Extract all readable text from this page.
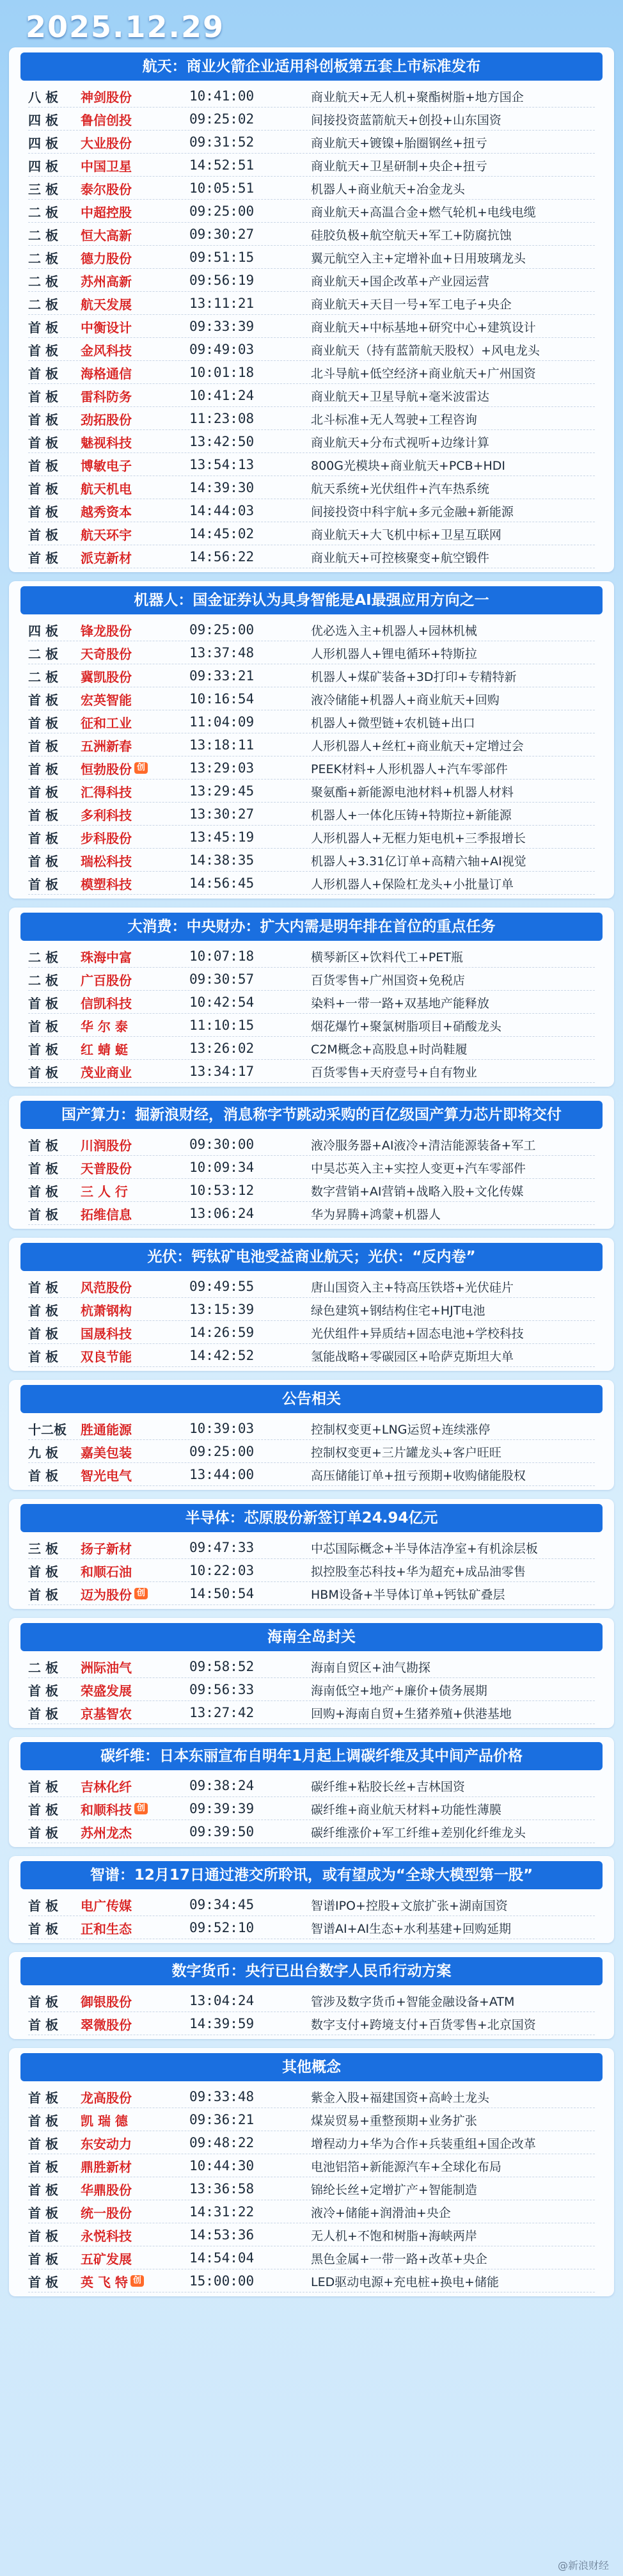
2025.12.29
航天：商业火箭企业适用科创板第五套上市标准发布
八 板	神剑股份	10:41:00	商业航天+无人机+聚酯树脂+地方国企
四 板	鲁信创投	09:25:02	间接投资蓝箭航天+创投+山东国资
四 板	大业股份	09:31:52	商业航天+镀镍+胎圈钢丝+扭亏
四 板	中国卫星	14:52:51	商业航天+卫星研制+央企+扭亏
三 板	泰尔股份	10:05:51	机器人+商业航天+冶金龙头
二 板	中超控股	09:25:00	商业航天+高温合金+燃气轮机+电线电缆
二 板	恒大高新	09:30:27	硅胶负极+航空航天+军工+防腐抗蚀
二 板	德力股份	09:51:15	翼元航空入主+定增补血+日用玻璃龙头
二 板	苏州高新	09:56:19	商业航天+国企改革+产业园运营
二 板	航天发展	13:11:21	商业航天+天目一号+军工电子+央企
首 板	中衡设计	09:33:39	商业航天+中标基地+研究中心+建筑设计
首 板	金风科技	09:49:03	商业航天（持有蓝箭航天股权）+风电龙头
首 板	海格通信	10:01:18	北斗导航+低空经济+商业航天+广州国资
首 板	雷科防务	10:41:24	商业航天+卫星导航+毫米波雷达
首 板	劲拓股份	11:23:08	北斗标准+无人驾驶+工程咨询
首 板	魅视科技	13:42:50	商业航天+分布式视听+边缘计算
首 板	博敏电子	13:54:13	800G光模块+商业航天+PCB+HDI
首 板	航天机电	14:39:30	航天系统+光伏组件+汽车热系统
首 板	越秀资本	14:44:03	间接投资中科宇航+多元金融+新能源
首 板	航天环宇	14:45:02	商业航天+大飞机中标+卫星互联网
首 板	派克新材	14:56:22	商业航天+可控核聚变+航空锻件
机器人：国金证券认为具身智能是AI最强应用方向之一
四 板	锋龙股份	09:25:00	优必选入主+机器人+园林机械
二 板	天奇股份	13:37:48	人形机器人+锂电循环+特斯拉
二 板	冀凯股份	09:33:21	机器人+煤矿装备+3D打印+专精特新
首 板	宏英智能	10:16:54	液冷储能+机器人+商业航天+回购
首 板	征和工业	11:04:09	机器人+微型链+农机链+出口
首 板	五洲新春	13:18:11	人形机器人+丝杠+商业航天+定增过会
首 板	恒勃股份 创	13:29:03	PEEK材料+人形机器人+汽车零部件
首 板	汇得科技	13:29:45	聚氨酯+新能源电池材料+机器人材料
首 板	多利科技	13:30:27	机器人+一体化压铸+特斯拉+新能源
首 板	步科股份	13:45:19	人形机器人+无框力矩电机+三季报增长
首 板	瑞松科技	14:38:35	机器人+3.31亿订单+高精六轴+AI视觉
首 板	模塑科技	14:56:45	人形机器人+保险杠龙头+小批量订单
大消费：中央财办：扩大内需是明年排在首位的重点任务
二 板	珠海中富	10:07:18	横琴新区+饮料代工+PET瓶
二 板	广百股份	09:30:57	百货零售+广州国资+免税店
首 板	信凯科技	10:42:54	染料+一带一路+双基地产能释放
首 板	华 尔 泰	11:10:15	烟花爆竹+聚氯树脂项目+硝酸龙头
首 板	红 蜻 蜓	13:26:02	C2M概念+高股息+时尚鞋履
首 板	茂业商业	13:34:17	百货零售+天府壹号+自有物业
国产算力：掘新浪财经，消息称字节跳动采购的百亿级国产算力芯片即将交付
首 板	川润股份	09:30:00	液冷服务器+AI液冷+清洁能源装备+军工
首 板	天普股份	10:09:34	中昊芯英入主+实控人变更+汽车零部件
首 板	三 人 行	10:53:12	数字营销+AI营销+战略入股+文化传媒
首 板	拓维信息	13:06:24	华为昇腾+鸿蒙+机器人
光伏：钙钛矿电池受益商业航天；光伏：“反内卷”
首 板	风范股份	09:49:55	唐山国资入主+特高压铁塔+光伏硅片
首 板	杭萧钢构	13:15:39	绿色建筑+钢结构住宅+HJT电池
首 板	国晟科技	14:26:59	光伏组件+异质结+固态电池+学校科技
首 板	双良节能	14:42:52	氢能战略+零碳园区+哈萨克斯坦大单
公告相关
十二板	胜通能源	10:39:03	控制权变更+LNG运贸+连续涨停
九 板	嘉美包装	09:25:00	控制权变更+三片罐龙头+客户旺旺
首 板	智光电气	13:44:00	高压储能订单+扭亏预期+收购储能股权
半导体：芯原股份新签订单24.94亿元
三 板	扬子新材	09:47:33	中芯国际概念+半导体洁净室+有机涂层板
首 板	和顺石油	10:22:03	拟控股奎芯科技+华为超充+成品油零售
首 板	迈为股份 创	14:50:54	HBM设备+半导体订单+钙钛矿叠层
海南全岛封关
二 板	洲际油气	09:58:52	海南自贸区+油气勘探
首 板	荣盛发展	09:56:33	海南低空+地产+廉价+债务展期
首 板	京基智农	13:27:42	回购+海南自贸+生猪养殖+供港基地
碳纤维：日本东丽宣布自明年1月起上调碳纤维及其中间产品价格
首 板	吉林化纤	09:38:24	碳纤维+粘胶长丝+吉林国资
首 板	和顺科技 创	09:39:39	碳纤维+商业航天材料+功能性薄膜
首 板	苏州龙杰	09:39:50	碳纤维涨价+军工纤维+差别化纤维龙头
智谱：12月17日通过港交所聆讯，或有望成为“全球大模型第一股”
首 板	电广传媒	09:34:45	智谱IPO+控股+文旅扩张+湖南国资
首 板	正和生态	09:52:10	智谱AI+AI生态+水利基建+回购延期
数字货币：央行已出台数字人民币行动方案
首 板	御银股份	13:04:24	管涉及数字货币+智能金融设备+ATM
首 板	翠微股份	14:39:59	数字支付+跨境支付+百货零售+北京国资
其他概念
首 板	龙高股份	09:33:48	紫金入股+福建国资+高岭土龙头
首 板	凯 瑞 德	09:36:21	煤炭贸易+重整预期+业务扩张
首 板	东安动力	09:48:22	增程动力+华为合作+兵装重组+国企改革
首 板	鼎胜新材	10:44:30	电池铝箔+新能源汽车+全球化布局
首 板	华鼎股份	13:36:58	锦纶长丝+定增扩产+智能制造
首 板	统一股份	14:31:22	液冷+储能+润滑油+央企
首 板	永悦科技	14:53:36	无人机+不饱和树脂+海峡两岸
首 板	五矿发展	14:54:04	黑色金属+一带一路+改革+央企
首 板	英 飞 特 创	15:00:00	LED驱动电源+充电桩+换电+储能
@新浪财经
